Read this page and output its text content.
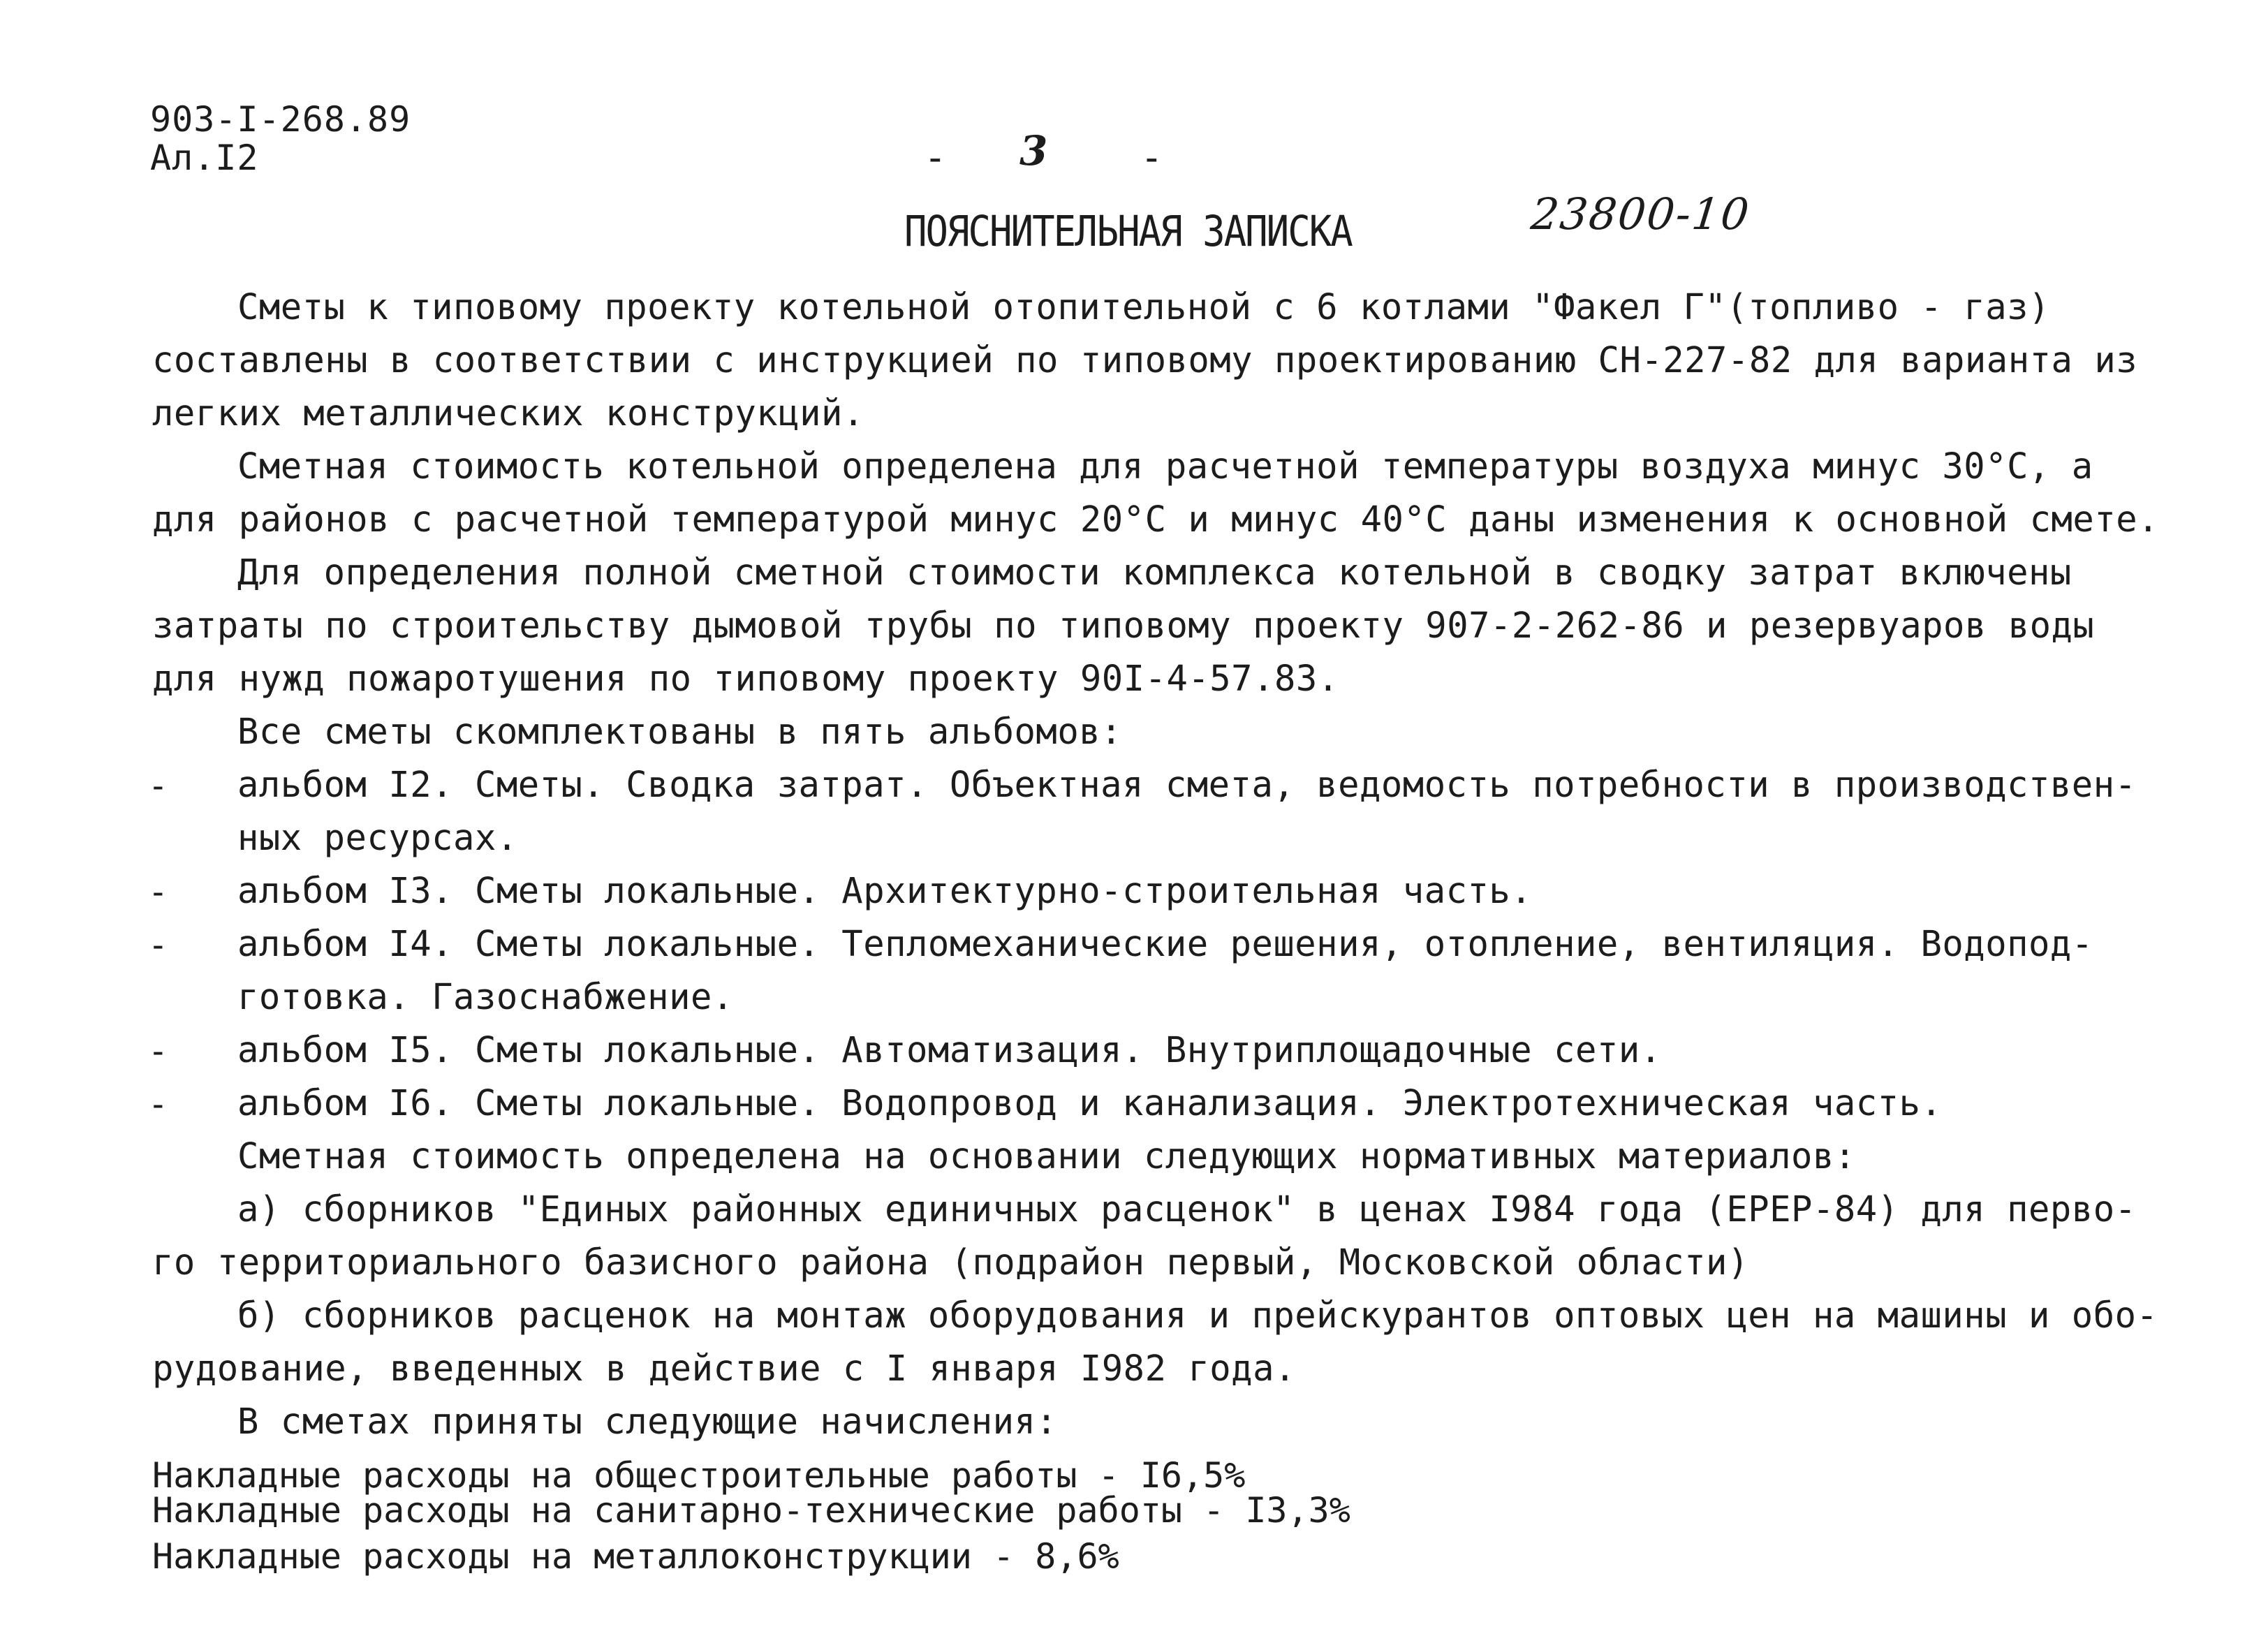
903-I-268.89
Ал.I2	- 3 -
ПОЯСНИТЕЛЬНАЯ ЗАПИСКА	23800-10
Сметы к типовому проекту котельной отопительной с 6 котлами "Факел Г"(топливо - газ)
составлены в соответствии с инструкцией по типовому проектированию СН-227-82 для варианта из
легких металлических конструкций.
Сметная стоимость котельной определена для расчетной температуры воздуха минус 30°С, а
для районов с расчетной температурой минус 20°С и минус 40°С даны изменения к основной смете.
Для определения полной сметной стоимости комплекса котельной в сводку затрат включены
затраты по строительству дымовой трубы по типовому проекту 907-2-262-86 и резервуаров воды
для нужд пожаротушения по типовому проекту 90I-4-57.83.
Все сметы скомплектованы в пять альбомов:
- альбом I2. Сметы. Сводка затрат. Объектная смета, ведомость потребности в производствен-
ных ресурсах.
- альбом I3. Сметы локальные. Архитектурно-строительная часть.
- альбом I4. Сметы локальные. Тепломеханические решения, отопление, вентиляция. Водопод-
готовка. Газоснабжение.
- альбом I5. Сметы локальные. Автоматизация. Внутриплощадочные сети.
- альбом I6. Сметы локальные. Водопровод и канализация. Электротехническая часть.
Сметная стоимость определена на основании следующих нормативных материалов:
а) сборников "Единых районных единичных расценок" в ценах I984 года (ЕРЕР-84) для перво-
го территориального базисного района (подрайон первый, Московской области)
б) сборников расценок на монтаж оборудования и прейскурантов оптовых цен на машины и обо-
рудование, введенных в действие с I января I982 года.
В сметах приняты следующие начисления:
Накладные расходы на общестроительные работы - I6,5%
Накладные расходы на санитарно-технические работы - I3,3%
Накладные расходы на металлоконструкции - 8,6%
